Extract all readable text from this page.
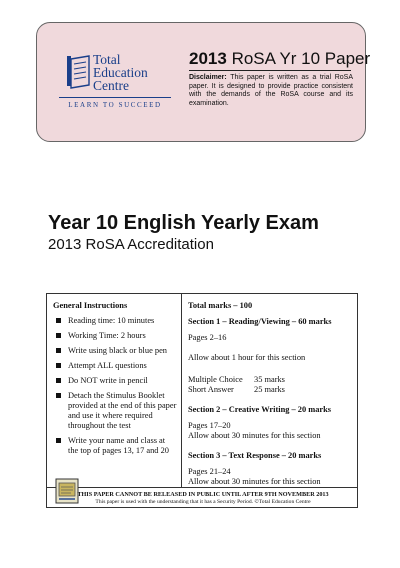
Total
Education
Centre
LEARN TO SUCCEED
2013 RoSA Yr 10 Paper
Disclaimer: This paper is written as a trial RoSA paper. It is designed to provide practice consistent with the demands of the RoSA course and its examination.
Year 10 English Yearly Exam
2013 RoSA Accreditation
General Instructions
Reading time: 10 minutes
Working Time: 2 hours
Write using black or blue pen
Attempt ALL questions
Do NOT write in pencil
Detach the Stimulus Booklet provided at the end of this paper and use it where required throughout the test
Write your name and class at the top of pages 13, 17 and 20
Total marks – 100
Section 1 – Reading/Viewing – 60 marks
Pages 2–16
Allow about 1 hour for this section
Multiple Choice	35 marks
Short Answer	25 marks
Section 2 – Creative Writing – 20 marks
Pages 17–20
Allow about 30 minutes for this section
Section 3 – Text Response – 20 marks
Pages 21–24
Allow about 30 minutes for this section
THIS PAPER CANNOT BE RELEASED IN PUBLIC UNTIL AFTER 9TH NOVEMBER 2013
This paper is used with the understanding that it has a Security Period. ©Total Education Centre
